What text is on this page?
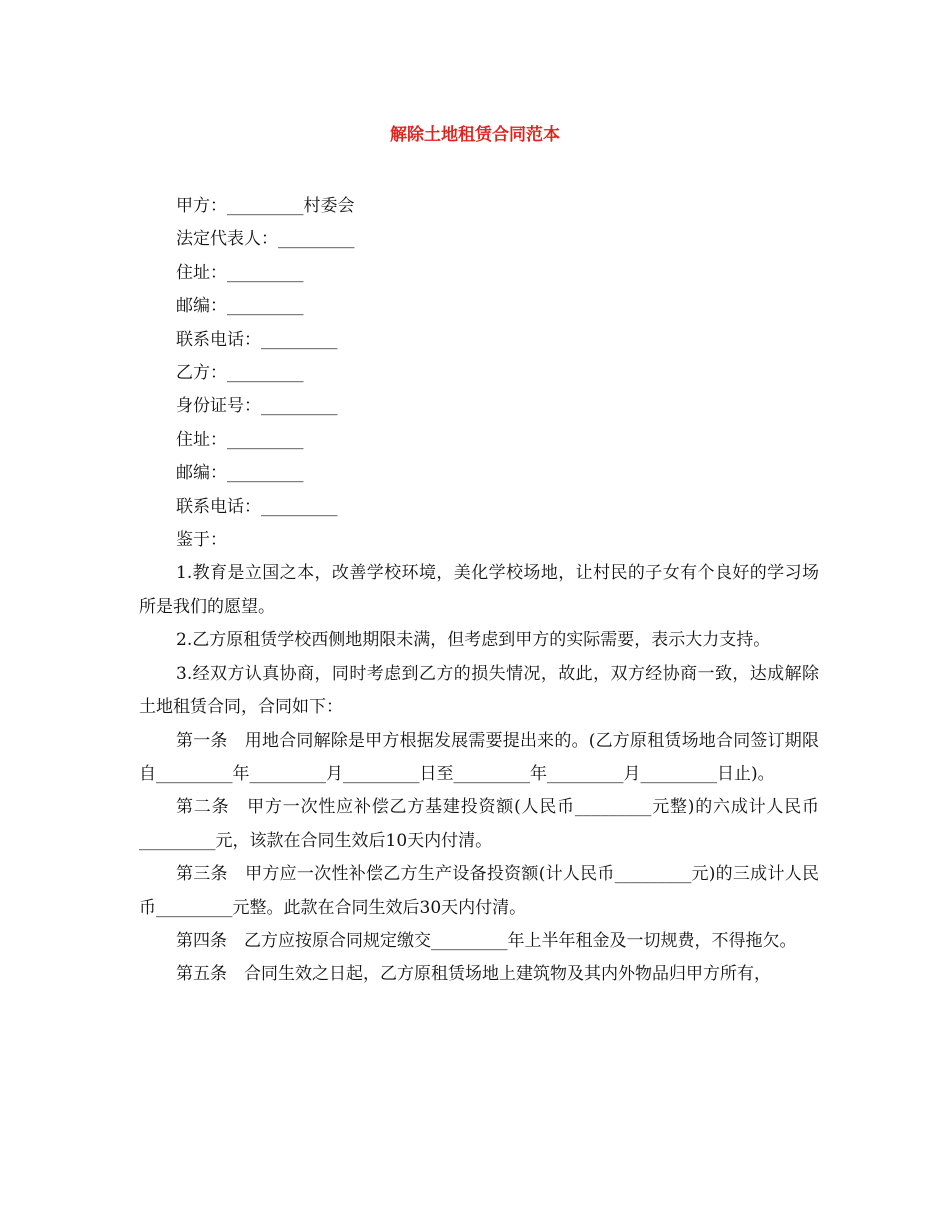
解除土地租赁合同范本

甲方：_________村委会

法定代表人：_________

住址：_________

邮编：_________

联系电话：_________

乙方：_________

身份证号：_________

住址：_________

邮编：_________

联系电话：_________

鉴于：

1.教育是立国之本，改善学校环境，美化学校场地，让村民的子女有个良好的学习场所是我们的愿望。

2.乙方原租赁学校西侧地期限未满，但考虑到甲方的实际需要，表示大力支持。

3.经双方认真协商，同时考虑到乙方的损失情况，故此，双方经协商一致，达成解除土地租赁合同，合同如下：

第一条　用地合同解除是甲方根据发展需要提出来的。(乙方原租赁场地合同签订期限自_________年_________月_________日至_________年_________月_________日止)。

第二条　甲方一次性应补偿乙方基建投资额(人民币_________元整)的六成计人民币_________元，该款在合同生效后10天内付清。

第三条　甲方应一次性补偿乙方生产设备投资额(计人民币_________元)的三成计人民币_________元整。此款在合同生效后30天内付清。

第四条　乙方应按原合同规定缴交_________年上半年租金及一切规费，不得拖欠。

第五条　合同生效之日起，乙方原租赁场地上建筑物及其内外物品归甲方所有，
